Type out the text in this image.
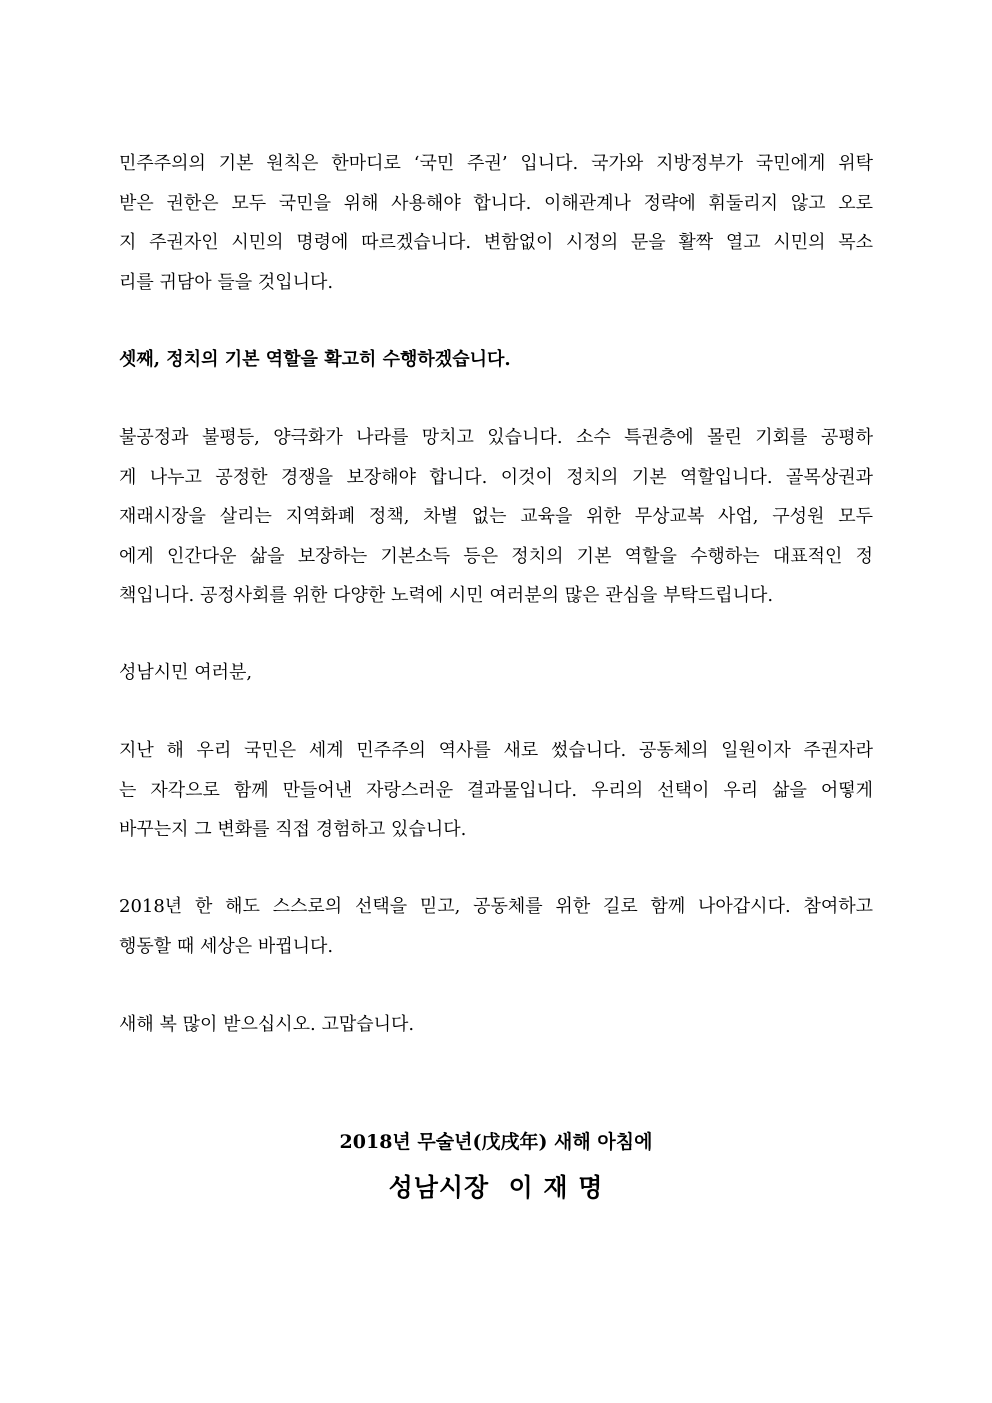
민주주의의 기본 원칙은 한마디로 ‘국민 주권’ 입니다. 국가와 지방정부가 국민에게 위탁
받은 권한은 모두 국민을 위해 사용해야 합니다. 이해관계나 정략에 휘둘리지 않고 오로
지 주권자인 시민의 명령에 따르겠습니다. 변함없이 시정의 문을 활짝 열고 시민의 목소
리를 귀담아 들을 것입니다.
셋째, 정치의 기본 역할을 확고히 수행하겠습니다.
불공정과 불평등, 양극화가 나라를 망치고 있습니다. 소수 특권층에 몰린 기회를 공평하
게 나누고 공정한 경쟁을 보장해야 합니다. 이것이 정치의 기본 역할입니다. 골목상권과
재래시장을 살리는 지역화폐 정책, 차별 없는 교육을 위한 무상교복 사업, 구성원 모두
에게 인간다운 삶을 보장하는 기본소득 등은 정치의 기본 역할을 수행하는 대표적인 정
책입니다. 공정사회를 위한 다양한 노력에 시민 여러분의 많은 관심을 부탁드립니다.
성남시민 여러분,
지난 해 우리 국민은 세계 민주주의 역사를 새로 썼습니다. 공동체의 일원이자 주권자라
는 자각으로 함께 만들어낸 자랑스러운 결과물입니다. 우리의 선택이 우리 삶을 어떻게
바꾸는지 그 변화를 직접 경험하고 있습니다.
2018년 한 해도 스스로의 선택을 믿고, 공동체를 위한 길로 함께 나아갑시다. 참여하고
행동할 때 세상은 바뀝니다.
새해 복 많이 받으십시오. 고맙습니다.

2018년 무술년(戊戌年) 새해 아침에

성남시장  이 재 명
